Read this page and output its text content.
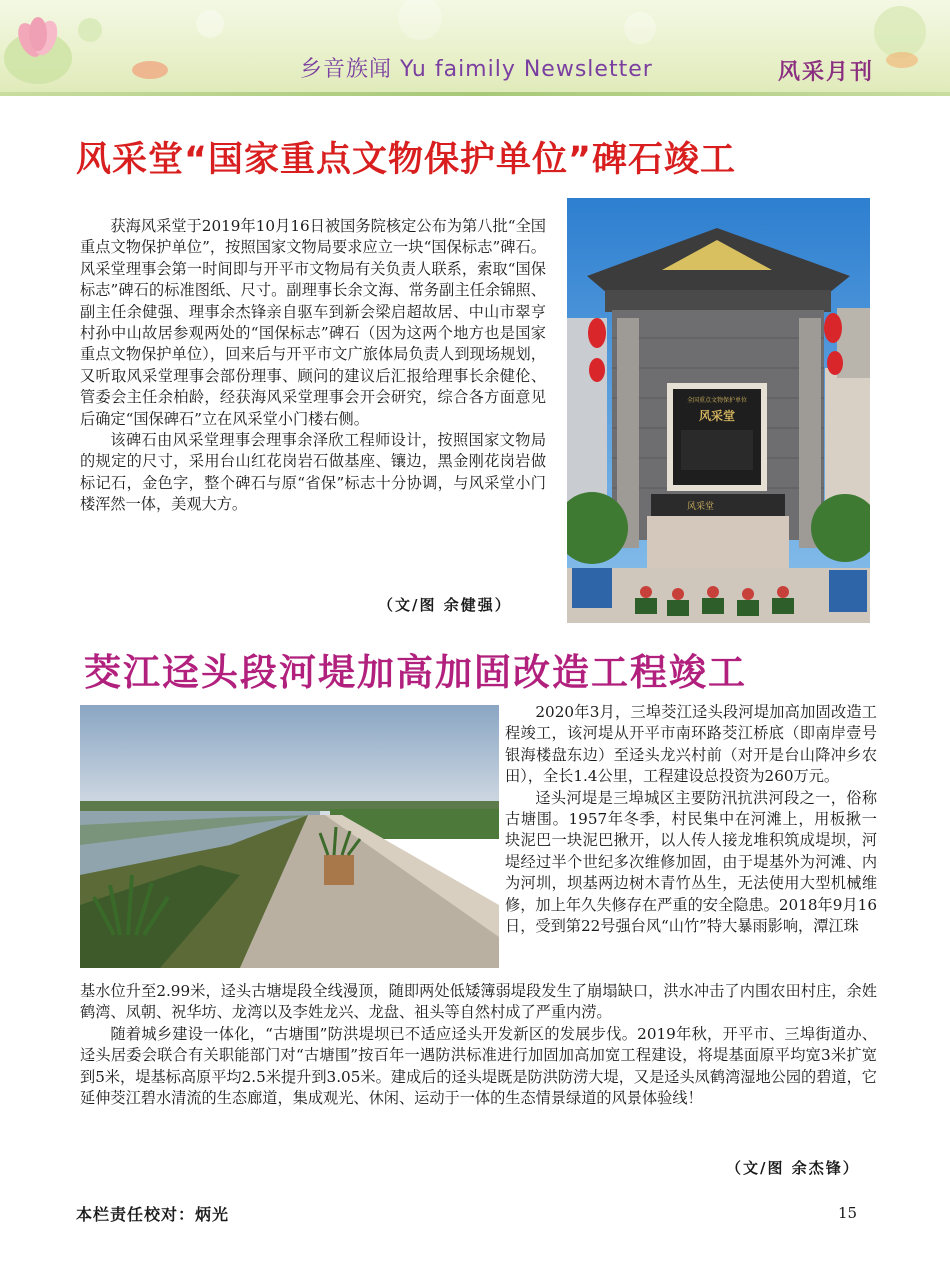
乡音族闻 Yu faimily Newsletter	风采月刊
风采堂“国家重点文物保护单位”碑石竣工

获海风采堂于2019年10月16日被国务院核定公布为第八批“全国重点文物保护单位”，按照国家文物局要求应立一块“国保标志”碑石。风采堂理事会第一时间即与开平市文物局有关负责人联系，索取“国保标志”碑石的标准图纸、尺寸。副理事长余文海、常务副主任余锦照、副主任余健强、理事余杰锋亲自驱车到新会梁启超故居、中山市翠亨村孙中山故居参观两处的“国保标志”碑石（因为这两个地方也是国家重点文物保护单位），回来后与开平市文广旅体局负责人到现场规划，又听取风采堂理事会部份理事、顾问的建议后汇报给理事长余健伦、管委会主任余柏龄，经获海风采堂理事会开会研究，综合各方面意见后确定“国保碑石”立在风采堂小门楼右侧。

该碑石由风采堂理事会理事余泽欣工程师设计，按照国家文物局的规定的尺寸，采用台山红花岗岩石做基座、镶边，黑金刚花岗岩做标记石，金色字，整个碑石与原“省保”标志十分协调，与风采堂小门楼浑然一体，美观大方。

（文/图 余健强）
全国重点文物保护单位
风采堂
风采堂
茭江迳头段河堤加高加固改造工程竣工

2020年3月，三埠茭江迳头段河堤加高加固改造工程竣工，该河堤从开平市南环路茭江桥底（即南岸壹号银海楼盘东边）至迳头龙兴村前（对开是台山降冲乡农田），全长1.4公里，工程建设总投资为260万元。

迳头河堤是三埠城区主要防汛抗洪河段之一，俗称古塘围。1957年冬季，村民集中在河滩上，用板揪一块泥巴一块泥巴揪开，以人传人接龙堆积筑成堤坝，河堤经过半个世纪多次维修加固，由于堤基外为河滩、内为河圳，坝基两边树木青竹丛生，无法使用大型机械维修，加上年久失修存在严重的安全隐患。2018年9月16日，受到第22号强台风“山竹”特大暴雨影响，潭江珠

基水位升至2.99米，迳头古塘堤段全线漫顶，随即两处低矮簿弱堤段发生了崩塌缺口，洪水冲击了内围农田村庄，余姓鹤湾、凤朝、祝华坊、龙湾以及李姓龙兴、龙盘、祖头等自然村成了严重内涝。

随着城乡建设一体化，“古塘围”防洪堤坝已不适应迳头开发新区的发展步伐。2019年秋，开平市、三埠街道办、迳头居委会联合有关职能部门对“古塘围”按百年一遇防洪标准进行加固加高加宽工程建设，将堤基面原平均宽3米扩宽到5米，堤基标高原平均2.5米提升到3.05米。建成后的迳头堤既是防洪防涝大堤，又是迳头凤鹤湾湿地公园的碧道，它延伸茭江碧水清流的生态廊道，集成观光、休闲、运动于一体的生态情景绿道的风景体验线！

（文/图 余杰锋）
本栏责任校对：炳光	15
